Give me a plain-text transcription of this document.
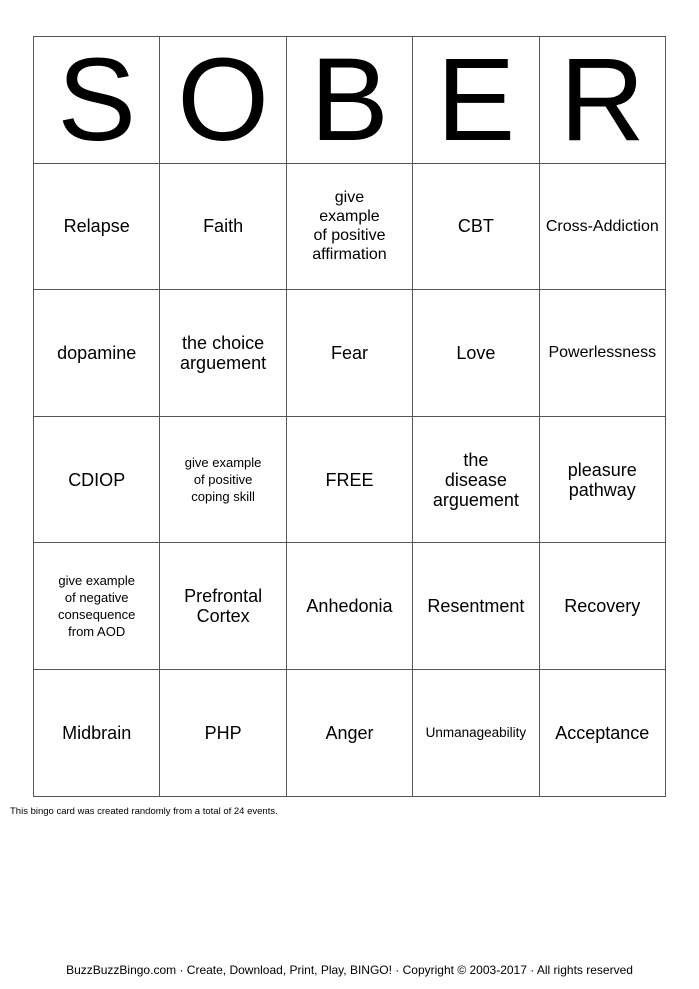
S	O	B	E	R
Relapse	Faith	give
example
of positive
affirmation	CBT	Cross-Addiction
dopamine	the choice
arguement	Fear	Love	Powerlessness
CDIOP	give example
of positive
coping skill	FREE	the
disease
arguement	pleasure
pathway
give example
of negative
consequence
from AOD	Prefrontal
Cortex	Anhedonia	Resentment	Recovery
Midbrain	PHP	Anger	Unmanageability	Acceptance
This bingo card was created randomly from a total of 24 events.
BuzzBuzzBingo.com · Create, Download, Print, Play, BINGO! · Copyright © 2003-2017 · All rights reserved
